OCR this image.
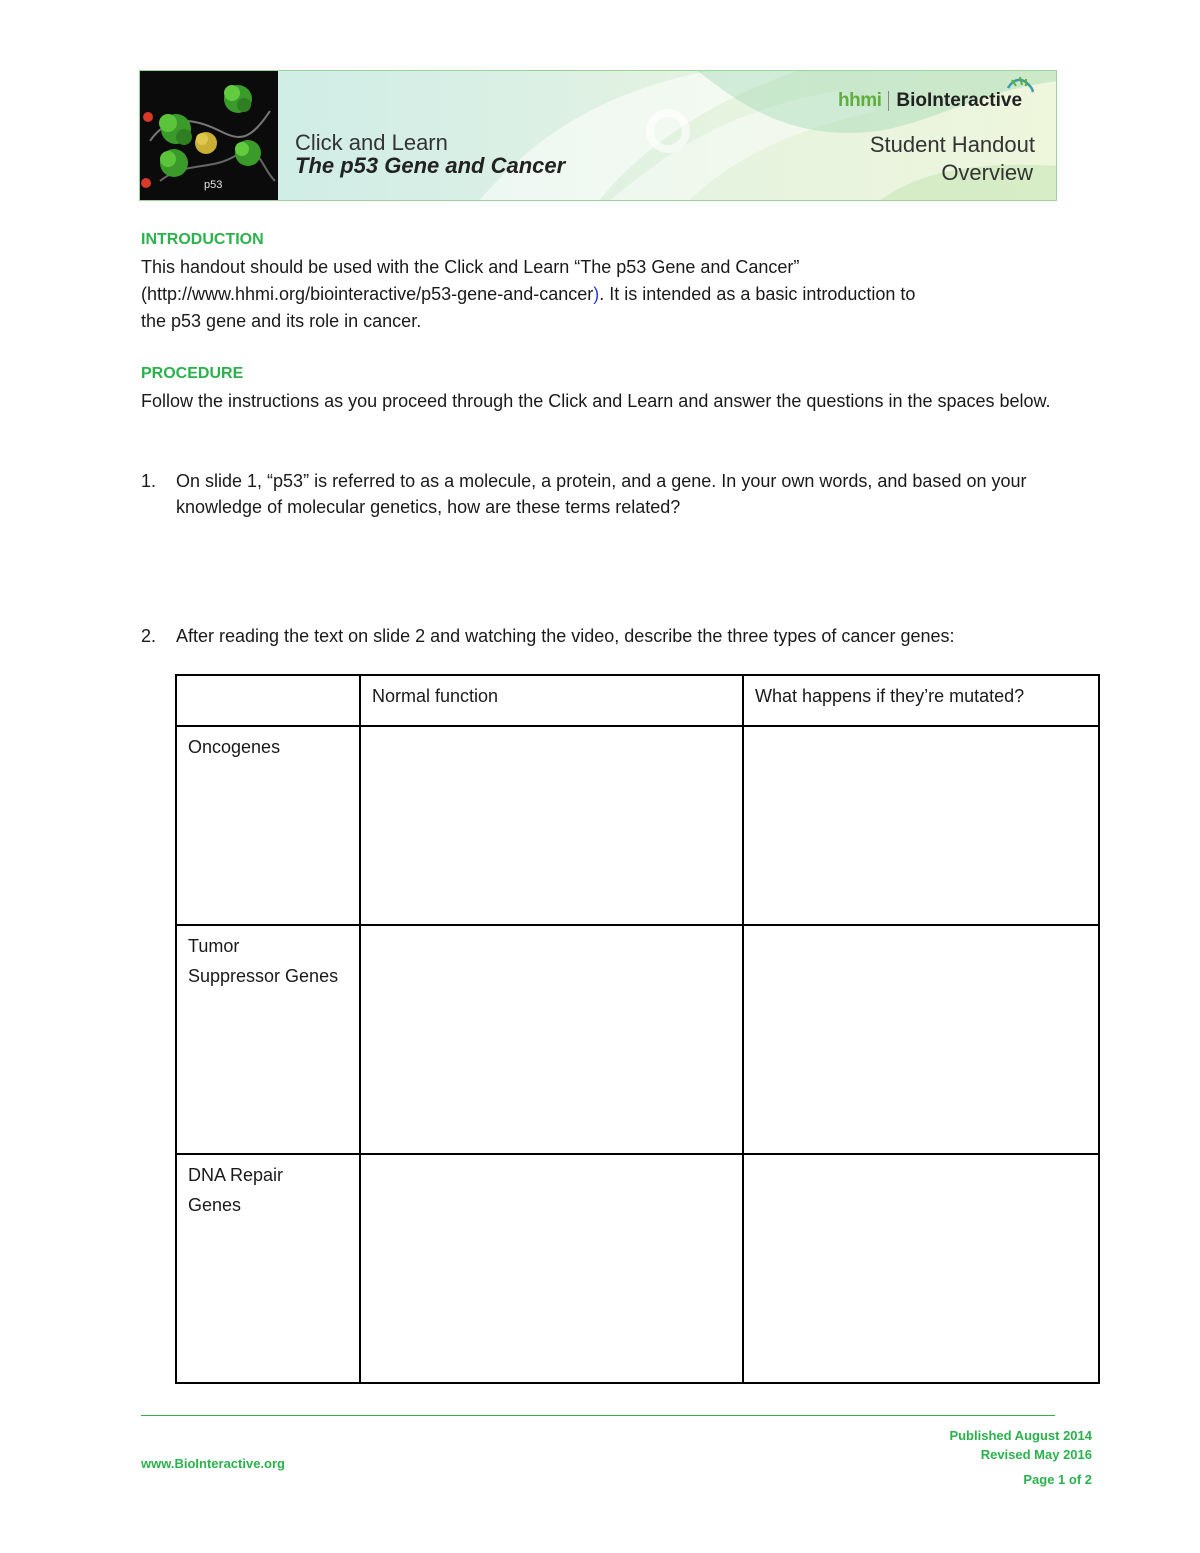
p53
hhmi BioInteractive
Click and Learn
The p53 Gene and Cancer
Student Handout
Overview
INTRODUCTION
This handout should be used with the Click and Learn “The p53 Gene and Cancer”
(http://www.hhmi.org/biointeractive/p53-gene-and-cancer). It is intended as a basic introduction to
the p53 gene and its role in cancer.
PROCEDURE
Follow the instructions as you proceed through the Click and Learn and answer the questions in the spaces below.
1.	On slide 1, “p53” is referred to as a molecule, a protein, and a gene. In your own words, and based on your knowledge of molecular genetics, how are these terms related?
2.	After reading the text on slide 2 and watching the video, describe the three types of cancer genes:
	Normal function	What happens if they’re mutated?
Oncogenes		

Tumor
Suppressor Genes		

DNA Repair
Genes		

www.BioInteractive.org
Published August 2014
Revised May 2016
Page 1 of 2
